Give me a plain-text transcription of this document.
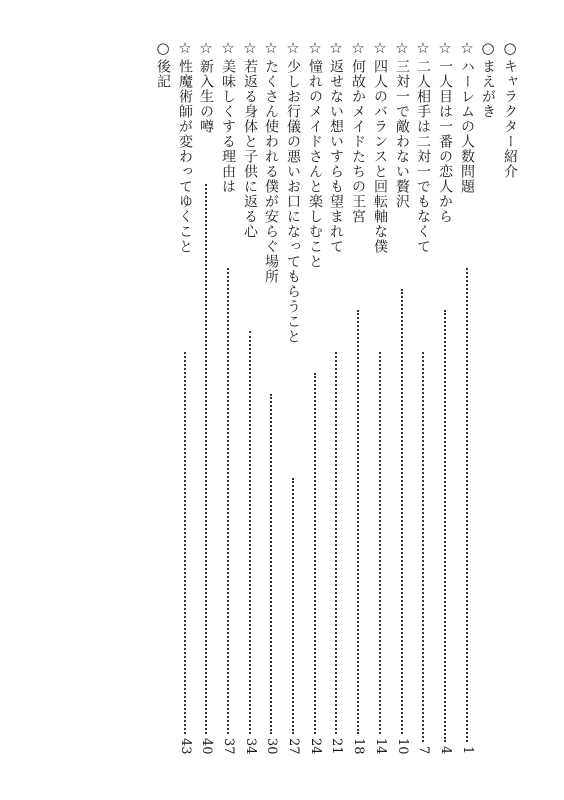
○
キャラクター紹介
○
まえがき
☆
ハーレムの人数問題
1
☆
一人目は一番の恋人から
4
☆
二人相手は二対一でもなくて
7
☆
三対一で敵わない贅沢
10
☆
四人のバランスと回転軸な僕
14
☆
何故かメイドたちの王宮
18
☆
返せない想いすらも望まれて
21
☆
憧れのメイドさんと楽しむこと
24
☆
少しお行儀の悪いお口になってもらうこと
27
☆
たくさん使われる僕が安らぐ場所
30
☆
若返る身体と子供に返る心
34
☆
美味しくする理由は
37
☆
新入生の噂
40
☆
性魔術師が変わってゆくこと
43
○
後記
